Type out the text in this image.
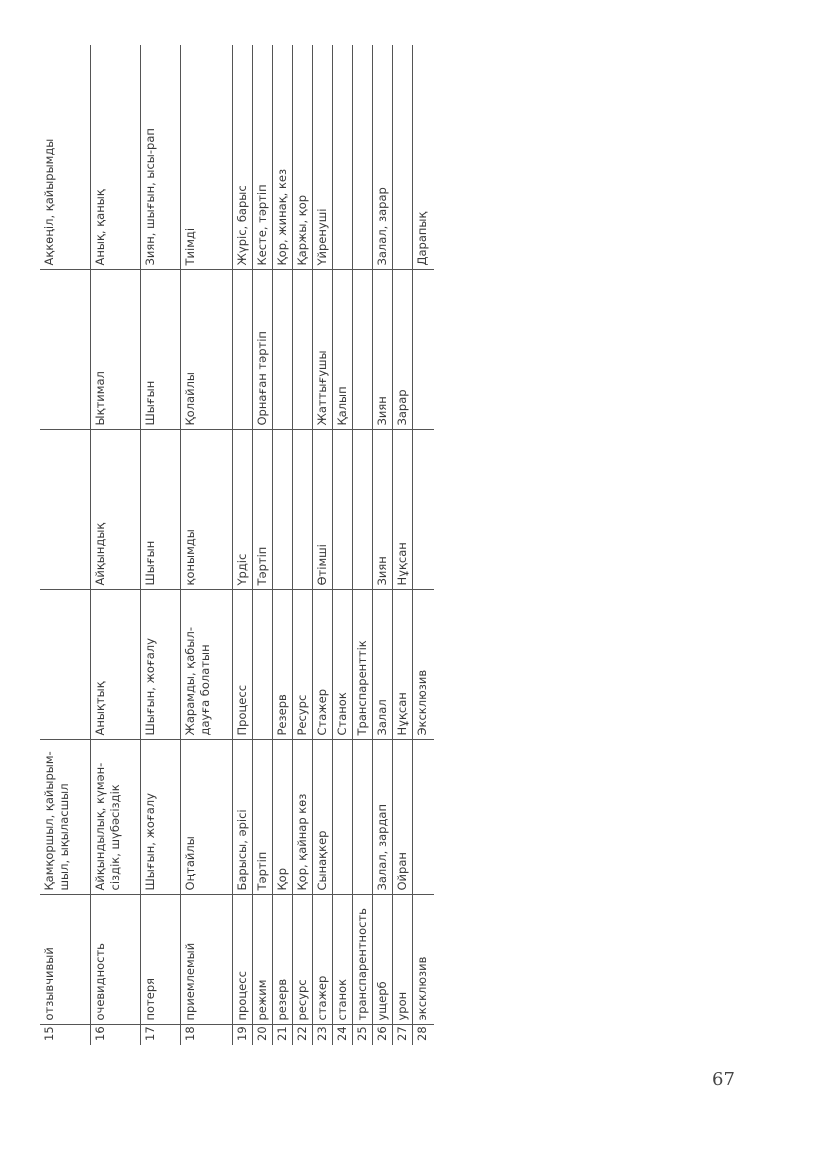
15	отзывчивый	Қамқоршыл, қайырым-шыл, ықыласшыл				Ақкөңіл, қайырымды
16	очевидность	Айқындылық, күмән-сіздік, шүбәсіздік	Анықтық	Айқындық	Ықтимал	Анық, қанық
17	потеря	Шығын, жоғалу	Шығын, жоғалу	Шығын	Шығын	Зиян, шығын, ысы-рап
18	приемлемый	Оңтайлы	Жарамды, қабыл-дауға болатын	қонымды	Қолайлы	Тиімді
19	процесс	Барысы, әрісі	Процесс	Үрдіс		Жүріс, барыс
20	режим	Тәртіп		Тәртіп	Орнаған тәртіп	Кесте, тәртіп
21	резерв	Қор	Резерв			Қор, жинақ, кез
22	ресурс	Қор, қайнар көз	Ресурс			Қаржы, қор
23	стажер	Сынақкер	Стажер	Өтімші	Жаттығушы	Үйренуші
24	станок		Станок		Қалып	
25	транспарентность		Транспаренттік			
26	ущерб	Залал, зардап	Залал	Зиян	Зиян	Залал, зарар
27	урон	Ойран	Нұқсан	Нұқсан	Зарар	
28	эксклюзив		Эксклюзив			Дарапық
67
